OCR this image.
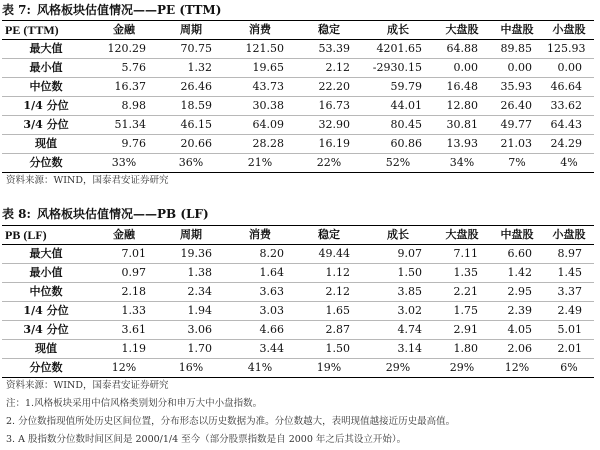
表 7: 风格板块估值情况——PE (TTM)
PE (TTM)	金融	周期	消费	稳定	成长	大盘股	中盘股	小盘股
最大值	120.29	70.75	121.50	53.39	4201.65	64.88	89.85	125.93
最小值	5.76	1.32	19.65	2.12	-2930.15	0.00	0.00	0.00
中位数	16.37	26.46	43.73	22.20	59.79	16.48	35.93	46.64
1/4 分位	8.98	18.59	30.38	16.73	44.01	12.80	26.40	33.62
3/4 分位	51.34	46.15	64.09	32.90	80.45	30.81	49.77	64.43
现值	9.76	20.66	28.28	16.19	60.86	13.93	21.03	24.29
分位数	33%	36%	21%	22%	52%	34%	7%	4%
资料来源：WIND，国泰君安证券研究
表 8: 风格板块估值情况——PB (LF)
PB (LF)	金融	周期	消费	稳定	成长	大盘股	中盘股	小盘股
最大值	7.01	19.36	8.20	49.44	9.07	7.11	6.60	8.97
最小值	0.97	1.38	1.64	1.12	1.50	1.35	1.42	1.45
中位数	2.18	2.34	3.63	2.12	3.85	2.21	2.95	3.37
1/4 分位	1.33	1.94	3.03	1.65	3.02	1.75	2.39	2.49
3/4 分位	3.61	3.06	4.66	2.87	4.74	2.91	4.05	5.01
现值	1.19	1.70	3.44	1.50	3.14	1.80	2.06	2.01
分位数	12%	16%	41%	19%	29%	29%	12%	6%
资料来源：WIND，国泰君安证券研究
注：1.风格板块采用中信风格类别划分和申万大中小盘指数。
2. 分位数指现值所处历史区间位置，分布形态以历史数据为准。分位数越大，表明现值越接近历史最高值。
3. A 股指数分位数时间区间是 2000/1/4 至今（部分股票指数是自 2000 年之后其设立开始）。
